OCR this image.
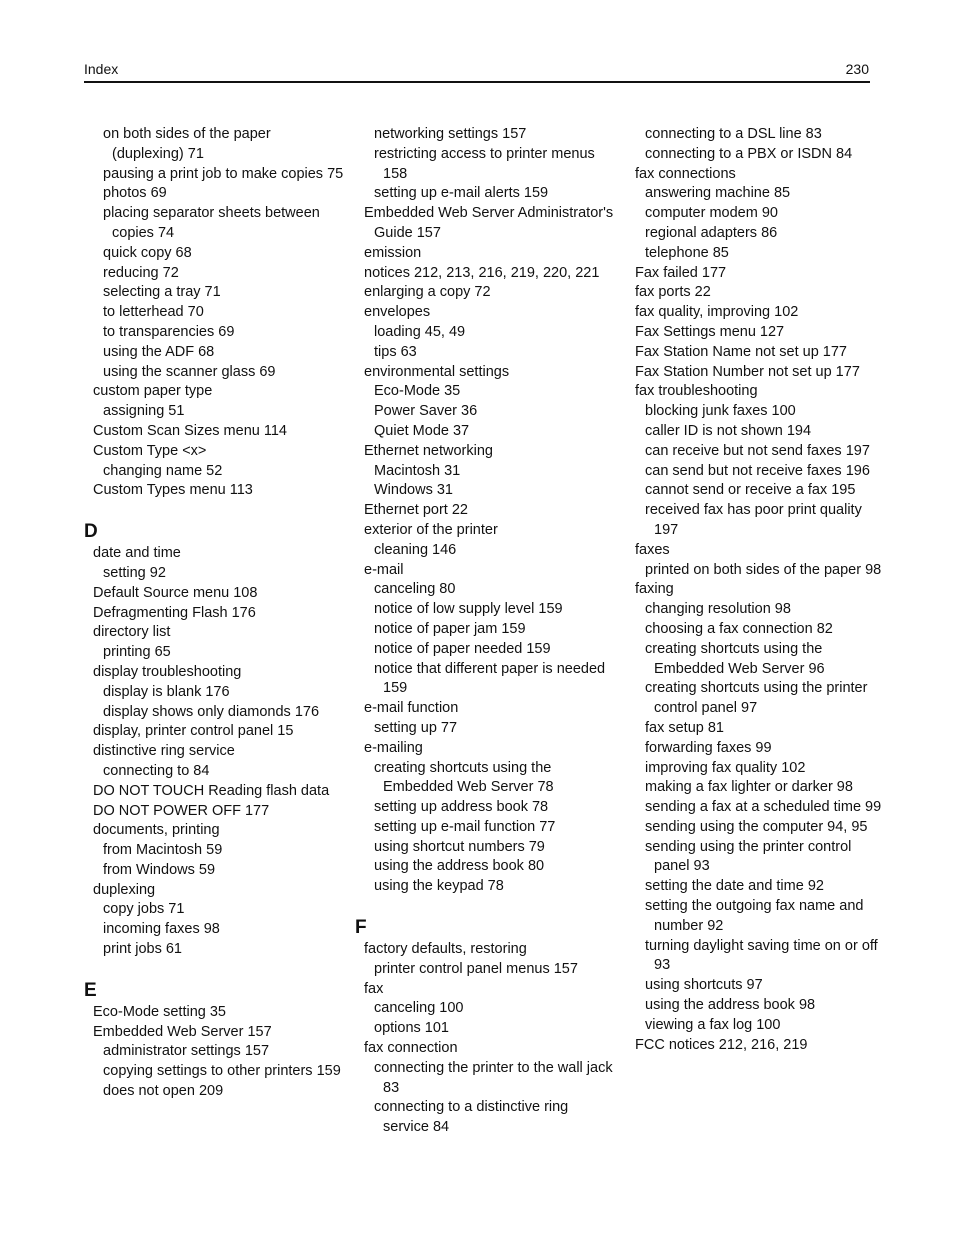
Index	230

on both sides of the paper (duplexing) 71

pausing a print job to make copies 75

photos 69

placing separator sheets between copies 74

quick copy 68

reducing 72

selecting a tray 71

to letterhead 70

to transparencies 69

using the ADF 68

using the scanner glass 69

custom paper type

assigning 51

Custom Scan Sizes menu 114

Custom Type <x>

changing name 52

Custom Types menu 113

D

date and time

setting 92

Default Source menu 108

Defragmenting Flash 176

directory list

printing 65

display troubleshooting

display is blank 176

display shows only diamonds 176

display, printer control panel 15

distinctive ring service

connecting to 84

DO NOT TOUCH Reading flash data

DO NOT POWER OFF 177

documents, printing

from Macintosh 59

from Windows 59

duplexing

copy jobs 71

incoming faxes 98

print jobs 61

E

Eco‑Mode setting 35

Embedded Web Server 157

administrator settings 157

copying settings to other printers 159

does not open 209

networking settings 157

restricting access to printer menus 158

setting up e‑mail alerts 159

Embedded Web Server Administrator's Guide 157

emission

notices 212, 213, 216, 219, 220, 221

enlarging a copy 72

envelopes

loading 45, 49

tips 63

environmental settings

Eco‑Mode 35

Power Saver 36

Quiet Mode 37

Ethernet networking

Macintosh 31

Windows 31

Ethernet port 22

exterior of the printer

cleaning 146

e‑mail

canceling 80

notice of low supply level 159

notice of paper jam 159

notice of paper needed 159

notice that different paper is needed 159

e‑mail function

setting up 77

e‑mailing

creating shortcuts using the Embedded Web Server 78

setting up address book 78

setting up e‑mail function 77

using shortcut numbers 79

using the address book 80

using the keypad 78

F

factory defaults, restoring

printer control panel menus 157

fax

canceling 100

options 101

fax connection

connecting the printer to the wall jack 83

connecting to a distinctive ring service 84

connecting to a DSL line 83

connecting to a PBX or ISDN 84

fax connections

answering machine 85

computer modem 90

regional adapters 86

telephone 85

Fax failed 177

fax ports 22

fax quality, improving 102

Fax Settings menu 127

Fax Station Name not set up 177

Fax Station Number not set up 177

fax troubleshooting

blocking junk faxes 100

caller ID is not shown 194

can receive but not send faxes 197

can send but not receive faxes 196

cannot send or receive a fax 195

received fax has poor print quality 197

faxes

printed on both sides of the paper 98

faxing

changing resolution 98

choosing a fax connection 82

creating shortcuts using the Embedded Web Server 96

creating shortcuts using the printer control panel 97

fax setup 81

forwarding faxes 99

improving fax quality 102

making a fax lighter or darker 98

sending a fax at a scheduled time 99

sending using the computer 94, 95

sending using the printer control panel 93

setting the date and time 92

setting the outgoing fax name and number 92

turning daylight saving time on or off 93

using shortcuts 97

using the address book 98

viewing a fax log 100

FCC notices 212, 216, 219
